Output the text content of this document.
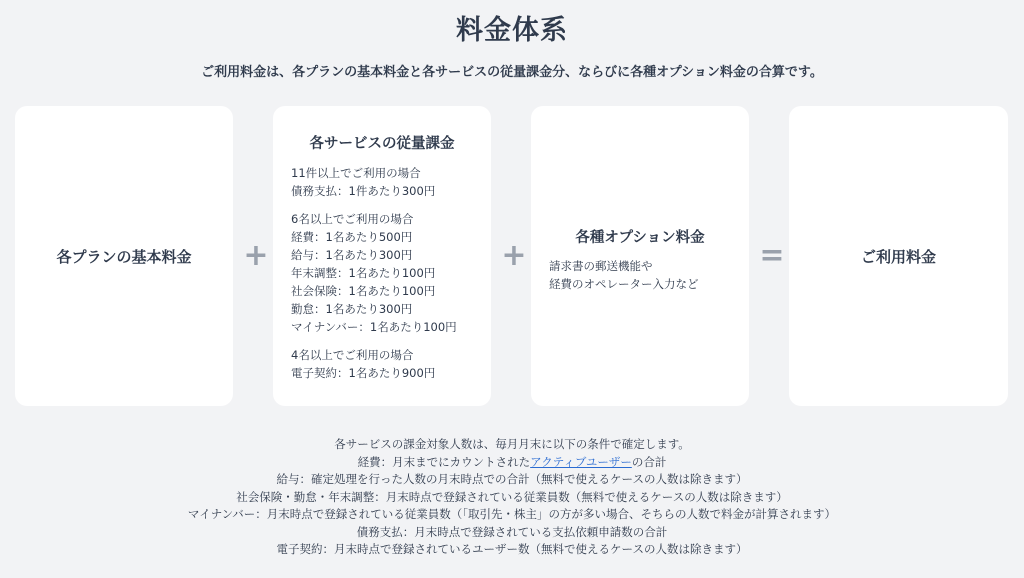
料金体系

ご利用料金は、各プランの基本料金と各サービスの従量課金分、ならびに各種オプション料金の合算です。

各プランの基本料金	+
各サービスの従量課金
11件以上でご利用の場合
債務支払：1件あたり300円
6名以上でご利用の場合
経費：1名あたり500円
給与：1名あたり300円
年末調整：1名あたり100円
社会保険：1名あたり100円
勤怠：1名あたり300円
マイナンバー：1名あたり100円
4名以上でご利用の場合
電子契約：1名あたり900円
+	各種オプション料金
請求書の郵送機能や
経費のオペレーター入力など
=	ご利用料金
各サービスの課金対象人数は、毎月月末に以下の条件で確定します。
経費：月末までにカウントされたアクティブユーザーの合計
給与：確定処理を行った人数の月末時点での合計（無料で使えるケースの人数は除きます）
社会保険・勤怠・年末調整：月末時点で登録されている従業員数（無料で使えるケースの人数は除きます）
マイナンバー：月末時点で登録されている従業員数（「取引先・株主」の方が多い場合、そちらの人数で料金が計算されます）
債務支払：月末時点で登録されている支払依頼申請数の合計
電子契約：月末時点で登録されているユーザー数（無料で使えるケースの人数は除きます）
